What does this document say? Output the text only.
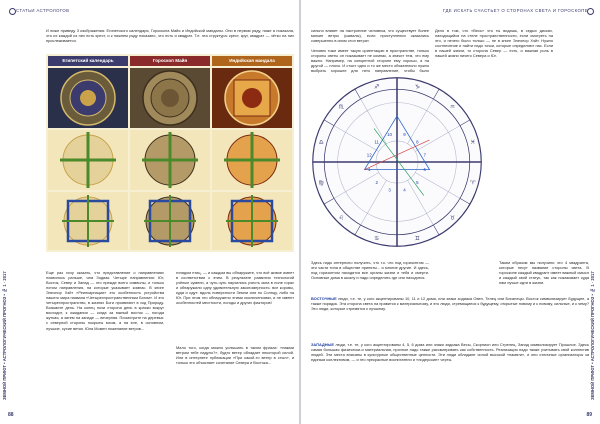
СТАТЬИ АСТРОЛОГОВ
И ниже приведу 3 изображения: Египетского календаря, Гороскопа Майя и Индийской мандалы. Они в первом ряду, ниже я показала, что их каждой из них есть крест, и к нижнем ряду показано, что есть и квадрат. Т.е. эта структура: крест, круг, квадрат — чётко на них прослеживается.
Египетский календарь	Гороскоп Майя	Индийская мандала
Еще раз хочу сказать, что представление о направлениях появилось раньше, чем Зодиак. Четыре направления: Юг, Восток, Север и Запад — это прежде всего символы, и только потом направления, на которые указывает компас. В книге Элеонор Хэйт «Реинкарнации» это особенность устройства нашего мира названа «Четырехпространственным Богом». И это четырехпространство, в жизнях Боги проявляют в ход Природу. Возьмите день. На конец ночи сторона день в краски вокруг восходит, к ожидании — когда за южный восток — погода жуткая, а затем на западе — вечерняя. Посмотрите на деревья: с северной стороны покрыты мхом, а на юге, в основном, лучшие, сухие ветки. Юла Момен пожелание ветров...
гипидом птиц, — и каждом вы обнаружите, что всё живое имеет в соответствии с этим. В результате развития технологий учёные сумели, а чуть-чуть научились учесть окна в поле горах и обнаружили одну удивительную закономерность: все коровы, куда и идут: вдоль поверхности Земли или по Солнцу, либо на Юг. При этом это обнаружено этими исключениями, и не имеют особенностей местности, погоды и других факторов!
Мало того, когда можно услышать в таком фразах: «нажми ветром тебе надуло?», будто ветер обладает некоторой силой. Или в интернете публикации «При какой-то ветер в стыл», и только это объясняет сочетание Севера и Востока...
ЗЕМНОЙ ПРИЮТ • АСТРОЛОГИЧЕСКИЙ ПРОГНОЗ • № 1 · 2017
88
ГДЕ ИСКАТЬ СЧАСТЬЕ? О СТОРОНАХ СВЕТА И ГОРОСКОПЕ
сильно влияет на настроение человека, что существует более мягкие ветры (шквалы), если приступления оказались совершенно в ином стоп ветра».
Человек тоже имеет такую ориентацию в пространстве, только стороны светы он показывает не компас, а значит тем, что ему важно. Например, на конкретной стороне ему хорошо, а на другой — плохо. И стоит одно и то же место обязательно нужно выбрать хорошее для него направление, чтобы было
Дело в том, что «Весь» что ты видишь, в седых дисках, находящийся на стеле пространственности, если смотреть на это, и нечего было только — не в книге Элеонор Хэйт. Нужно соотнесение и найти надо точки, которые определяют нас. Если в нашей жизни, то сторона Север — есть, и важная роль в нашей жизни ничего Севера и Юг.
♈
♉
♊
♋
♌
♍
♎
♏
♐	♑
♒
♓
1
2
3	4
5
6
7
8
9
10
11
12
Здесь надо интересно получить, что т.к. что под горизонтом — эти части типа в обществе приняты... и многие другие. И здесь, под горизонтом находятся все органы жизни и тебя и смерти. Основные дома в шкалу и надо определять где они находятся.
Таким образом мы получили что 4 квадранта, которые несут название стороны света. В гороскопе каждый квадрант имеет важный смысл и каждый свой статус, так как показывает куда нам лучше идти в жизни.
ВОСТОЧНЫЕ люди, т.е. те, у кого акцентированы 10, 11 и 12 дома, или знаки зодиака Овен, Телец или Близнецы. Восток символизирует Будущее, а также порядок. Эта сторона света на нравится к материальному, и это люди, стремящиеся к будущему, открытые новому и к новому, сильные, и к чему? Это люди, которые стремятся к лучшему.
ЗАПАДНЫЕ люди, т.е. те, у кого акцентированы 4, 5, 6 дома или знаки зодиака Весы, Скорпион или Стрелец. Запад символизирует Прошлое. Здесь самая большая физически-и материальная, прочное надо также рассматривать как собственность. Реализация надо также учитывать свой коллектив людей. Эти места вписаны в культурные общественные ценности. Эти люди обладают силой высокой «памяти», и они отличные организаторы за единым коллективом, — и это прекрасные воспитатели и «лидерские» черты.	ЗЕМНОЙ ПРИЮТ • АСТРОЛОГИЧЕСКИЙ ПРОГНОЗ • № 1 · 2017
89
